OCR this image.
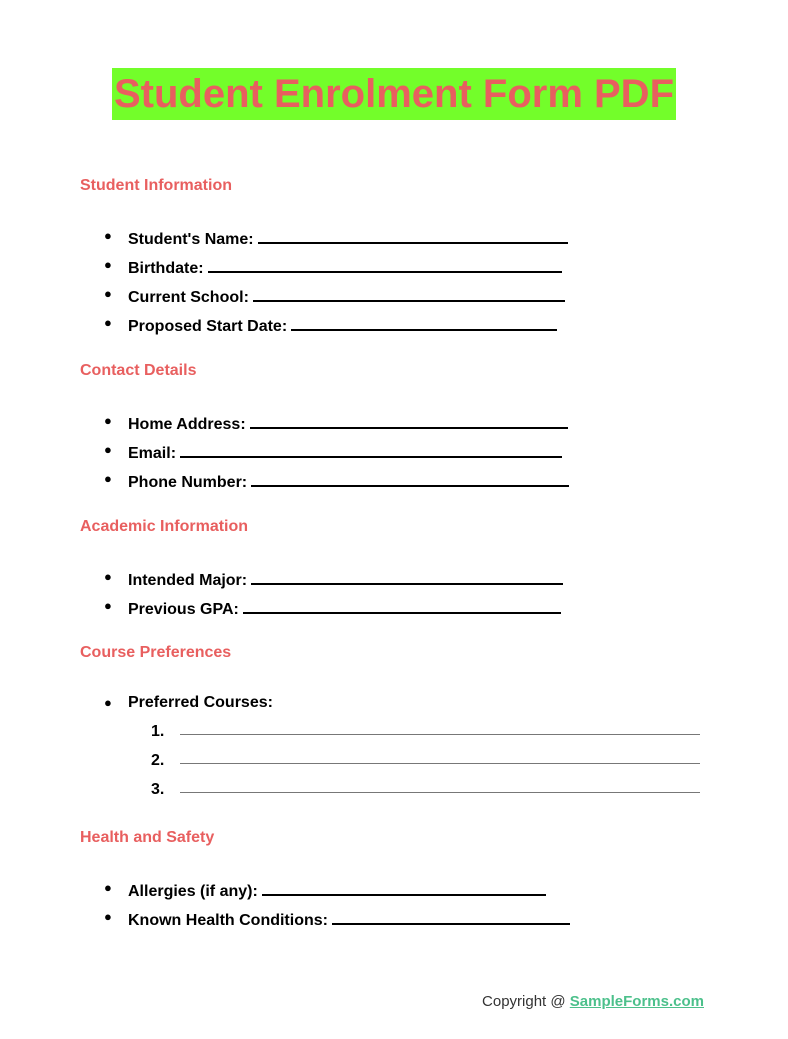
Student Enrolment Form PDF
Student Information
● Student's Name:
● Birthdate:
● Current School:
● Proposed Start Date:
Contact Details
● Home Address:
● Email:
● Phone Number:
Academic Information
● Intended Major:
● Previous GPA:
Course Preferences
● Preferred Courses:
1.
2.
3.
Health and Safety
● Allergies (if any):
● Known Health Conditions:
Copyright @ SampleForms.com
